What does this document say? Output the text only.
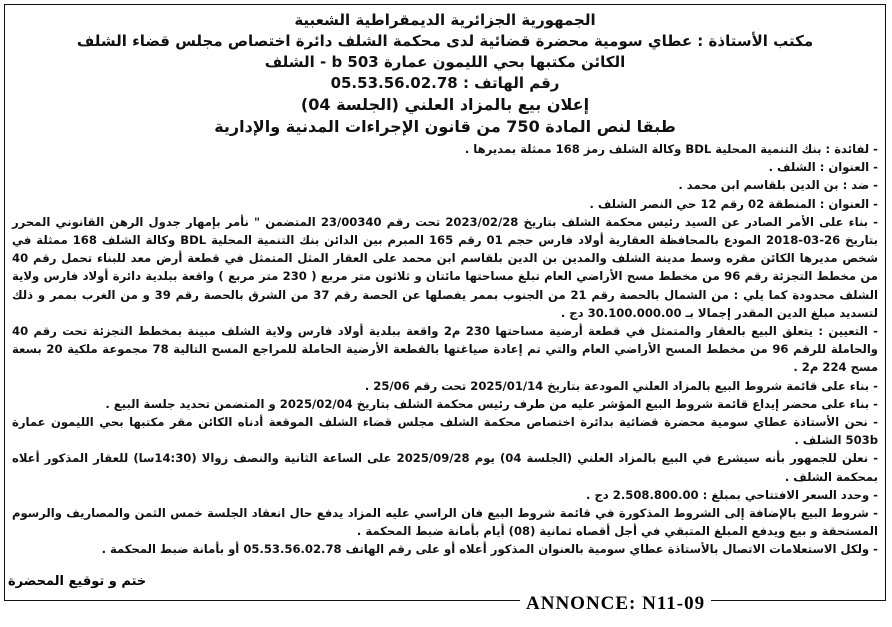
الجمهورية الجزائرية الديمقراطية الشعبية
مكتب الأستاذة : عطاي سومية محضرة قضائية لدى محكمة الشلف دائرة اختصاص مجلس قضاء الشلف
الكائن مكتبها بحي الليمون عمارة b 503 - الشلف
رقم الهاتف : 05.53.56.02.78
إعلان بيع بالمزاد العلني (الجلسة 04)
طبقا لنص المادة 750 من قانون الإجراءات المدنية والإدارية

- لفائدة : بنك التنمية المحلية BDL وكالة الشلف رمز 168 ممثلة بمديرها .

- العنوان : الشلف .

- ضد : بن الدين بلقاسم ابن محمد .

- العنوان : المنطقة 02 رقم 12 حي النصر الشلف .

- بناء على الأمر الصادر عن السيد رئيس محكمة الشلف بتاريخ 2023/02/28 تحت رقم 23/00340 المتضمن " نأمر بإمهار جدول الرهن القانوني المحرر بتاريخ 26-03-2018 المودع بالمحافظة العقارية أولاد فارس حجم 01 رقم 165 المبرم بين الدائن بنك التنمية المحلية BDL وكالة الشلف 168 ممثلة في شخص مديرها الكائن مقره وسط مدينة الشلف والمدين بن الدين بلقاسم ابن محمد على العقار المثل المتمثل في قطعة أرض معد للبناء تحمل رقم 40 من مخطط التجزئة رقم 96 من مخطط مسح الأراضي العام تبلغ مساحتها مائتان و ثلاثون متر مربع ( 230 متر مربع ) واقعة ببلدية دائرة أولاد فارس ولاية الشلف محدودة كما يلي : من الشمال بالحصة رقم 21 من الجنوب بممر يفصلها عن الحصة رقم 37 من الشرق بالحصة رقم 39 و من الغرب بممر و ذلك لتسديد مبلغ الدين المقدر إجمالا بـ 30.100.000.00 دج .

- التعيين : يتعلق البيع بالعقار والمتمثل في قطعة أرضية مساحتها 230 م2 واقعة ببلدية أولاد فارس ولاية الشلف مبينة بمخطط التجزئة تحت رقم 40 والحاملة للرقم 96 من مخطط المسح الأراضي العام والتي تم إعادة صياغتها بالقطعة الأرضية الحاملة للمراجع المسح التالية 78 مجموعة ملكية 20 بسعة مسح 224 م2 .

- بناء على قائمة شروط البيع بالمزاد العلني المودعة بتاريخ 2025/01/14 تحت رقم 25/06 .

- بناء على محضر إيداع قائمة شروط البيع المؤشر عليه من طرف رئيس محكمة الشلف بتاريخ 2025/02/04 و المتضمن تحديد جلسة البيع .

- نحن الأستاذة عطاي سومية محضرة قضائية بدائرة اختصاص محكمة الشلف مجلس قضاء الشلف الموقعة أدناه الكائن مقر مكتبها بحي الليمون عمارة 503b الشلف .

- نعلن للجمهور بأنه سيشرع في البيع بالمزاد العلني (الجلسة 04) يوم 2025/09/28 على الساعة الثانية والنصف زوالا (14:30سا) للعقار المذكور أعلاه بمحكمة الشلف .

- وحدد السعر الافتتاحي بمبلغ : 2.508.800.00 دج .

- شروط البيع بالإضافة إلى الشروط المذكورة في قائمة شروط البيع فان الراسي عليه المزاد يدفع حال انعقاد الجلسة خمس الثمن والمصاريف والرسوم المستحقة و بيع ويدفع المبلغ المتبقي في أجل أقصاه ثمانية (08) أيام بأمانة ضبط المحكمة .

- ولكل الاستعلامات الاتصال بالأستاذة عطاي سومية بالعنوان المذكور أعلاه أو على رقم الهاتف 05.53.56.02.78 أو بأمانة ضبط المحكمة .

ختم و توقيع المحضرة
ANNONCE: N11-09
